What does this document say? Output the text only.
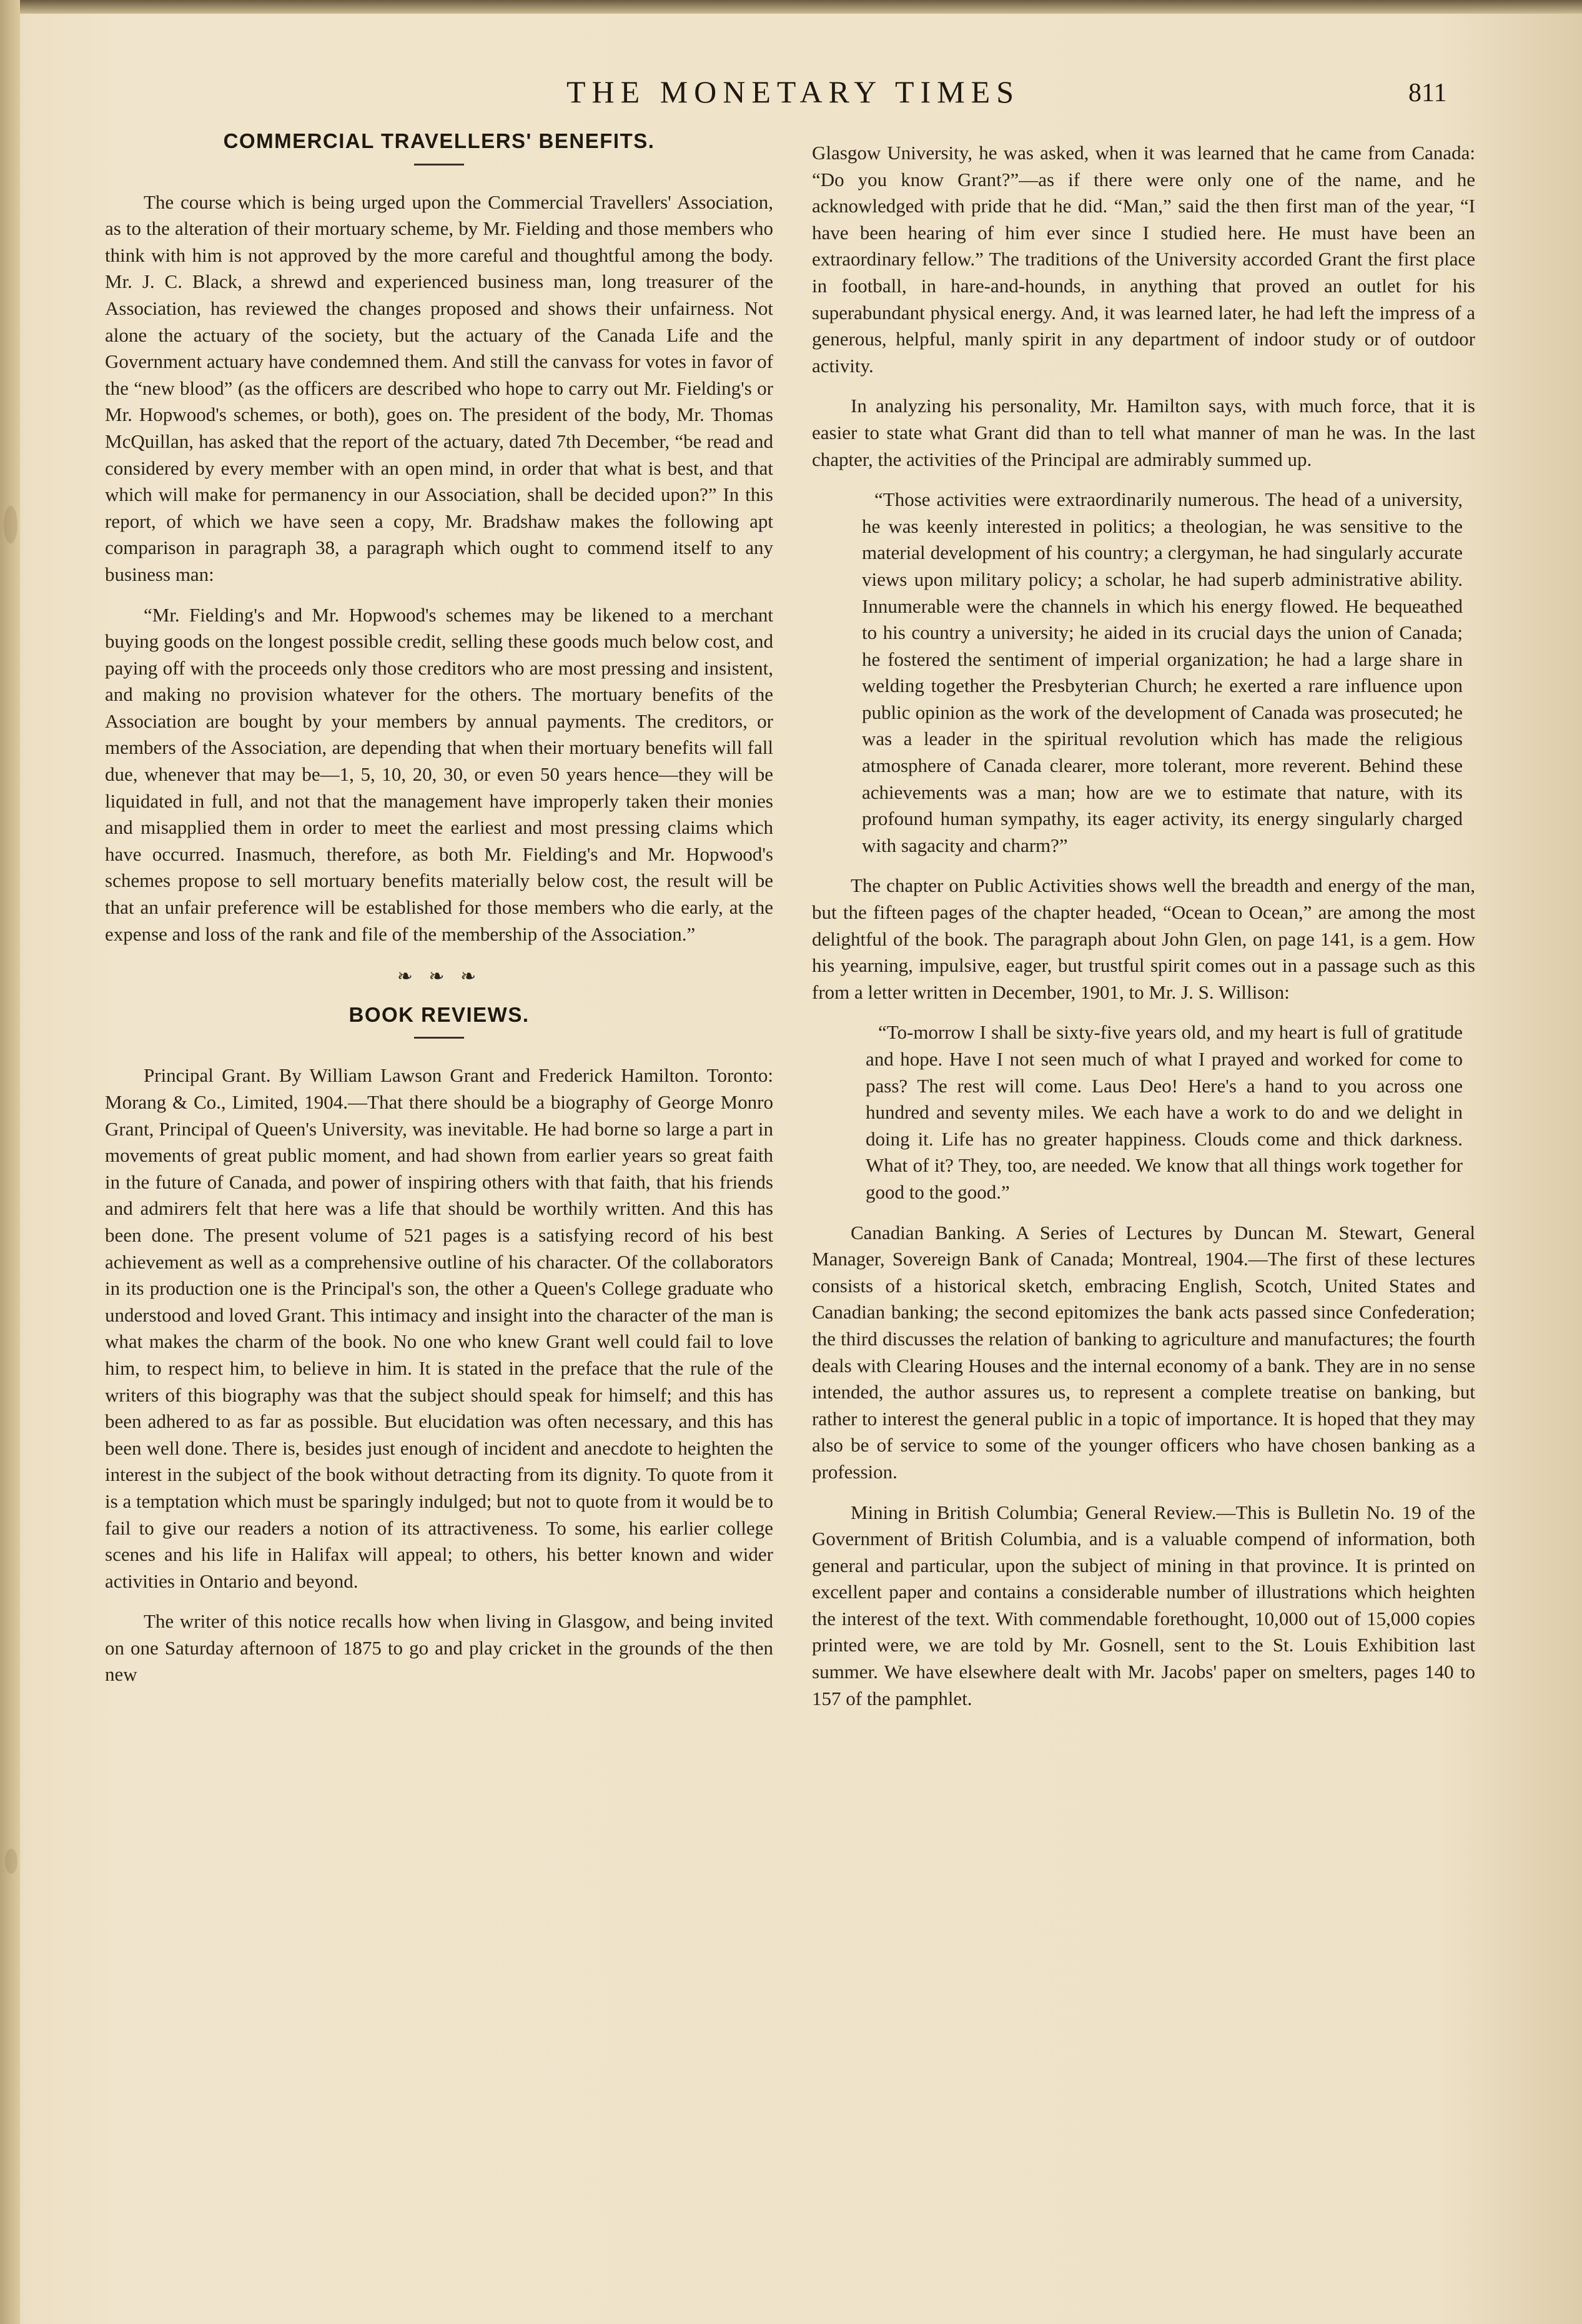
THE MONETARY TIMES	811
COMMERCIAL TRAVELLERS' BENEFITS.

The course which is being urged upon the Commercial Travellers' Association, as to the alteration of their mortuary scheme, by Mr. Fielding and those members who think with him is not approved by the more careful and thoughtful among the body. Mr. J. C. Black, a shrewd and experienced business man, long treasurer of the Association, has reviewed the changes proposed and shows their unfairness. Not alone the actuary of the society, but the actuary of the Canada Life and the Government actuary have condemned them. And still the canvass for votes in favor of the “new blood” (as the officers are described who hope to carry out Mr. Fielding's or Mr. Hopwood's schemes, or both), goes on. The president of the body, Mr. Thomas McQuillan, has asked that the report of the actuary, dated 7th December, “be read and considered by every member with an open mind, in order that what is best, and that which will make for permanency in our Association, shall be decided upon?” In this report, of which we have seen a copy, Mr. Bradshaw makes the following apt comparison in paragraph 38, a paragraph which ought to commend itself to any business man:

“Mr. Fielding's and Mr. Hopwood's schemes may be likened to a merchant buying goods on the longest possible credit, selling these goods much below cost, and paying off with the proceeds only those creditors who are most pressing and insistent, and making no provision whatever for the others. The mortuary benefits of the Association are bought by your members by annual payments. The creditors, or members of the Association, are depending that when their mortuary benefits will fall due, whenever that may be—1, 5, 10, 20, 30, or even 50 years hence—they will be liquidated in full, and not that the management have improperly taken their monies and misapplied them in order to meet the earliest and most pressing claims which have occurred. Inasmuch, therefore, as both Mr. Fielding's and Mr. Hopwood's schemes propose to sell mortuary benefits materially below cost, the result will be that an unfair preference will be established for those members who die early, at the expense and loss of the rank and file of the membership of the Association.”

❧ ❧ ❧
BOOK REVIEWS.

Principal Grant. By William Lawson Grant and Frederick Hamilton. Toronto: Morang & Co., Limited, 1904.—That there should be a biography of George Monro Grant, Principal of Queen's University, was inevitable. He had borne so large a part in movements of great public moment, and had shown from earlier years so great faith in the future of Canada, and power of inspiring others with that faith, that his friends and admirers felt that here was a life that should be worthily written. And this has been done. The present volume of 521 pages is a satisfying record of his best achievement as well as a comprehensive outline of his character. Of the collaborators in its production one is the Principal's son, the other a Queen's College graduate who understood and loved Grant. This intimacy and insight into the character of the man is what makes the charm of the book. No one who knew Grant well could fail to love him, to respect him, to believe in him. It is stated in the preface that the rule of the writers of this biography was that the subject should speak for himself; and this has been adhered to as far as possible. But elucidation was often necessary, and this has been well done. There is, besides just enough of incident and anecdote to heighten the interest in the subject of the book without detracting from its dignity. To quote from it is a temptation which must be sparingly indulged; but not to quote from it would be to fail to give our readers a notion of its attractiveness. To some, his earlier college scenes and his life in Halifax will appeal; to others, his better known and wider activities in Ontario and beyond.

The writer of this notice recalls how when living in Glasgow, and being invited on one Saturday afternoon of 1875 to go and play cricket in the grounds of the then new

Glasgow University, he was asked, when it was learned that he came from Canada: “Do you know Grant?”—as if there were only one of the name, and he acknowledged with pride that he did. “Man,” said the then first man of the year, “I have been hearing of him ever since I studied here. He must have been an extraordinary fellow.” The traditions of the University accorded Grant the first place in football, in hare-and-hounds, in anything that proved an outlet for his superabundant physical energy. And, it was learned later, he had left the impress of a generous, helpful, manly spirit in any department of indoor study or of outdoor activity.

In analyzing his personality, Mr. Hamilton says, with much force, that it is easier to state what Grant did than to tell what manner of man he was. In the last chapter, the activities of the Principal are admirably summed up.

“Those activities were extraordinarily numerous. The head of a university, he was keenly interested in politics; a theologian, he was sensitive to the material development of his country; a clergyman, he had singularly accurate views upon military policy; a scholar, he had superb administrative ability. Innumerable were the channels in which his energy flowed. He bequeathed to his country a university; he aided in its crucial days the union of Canada; he fostered the sentiment of imperial organization; he had a large share in welding together the Presbyterian Church; he exerted a rare influence upon public opinion as the work of the development of Canada was prosecuted; he was a leader in the spiritual revolution which has made the religious atmosphere of Canada clearer, more tolerant, more reverent. Behind these achievements was a man; how are we to estimate that nature, with its profound human sympathy, its eager activity, its energy singularly charged with sagacity and charm?”

The chapter on Public Activities shows well the breadth and energy of the man, but the fifteen pages of the chapter headed, “Ocean to Ocean,” are among the most delightful of the book. The paragraph about John Glen, on page 141, is a gem. How his yearning, impulsive, eager, but trustful spirit comes out in a passage such as this from a letter written in December, 1901, to Mr. J. S. Willison:

“To-morrow I shall be sixty-five years old, and my heart is full of gratitude and hope. Have I not seen much of what I prayed and worked for come to pass? The rest will come. Laus Deo! Here's a hand to you across one hundred and seventy miles. We each have a work to do and we delight in doing it. Life has no greater happiness. Clouds come and thick darkness. What of it? They, too, are needed. We know that all things work together for good to the good.”

Canadian Banking. A Series of Lectures by Duncan M. Stewart, General Manager, Sovereign Bank of Canada; Montreal, 1904.—The first of these lectures consists of a historical sketch, embracing English, Scotch, United States and Canadian banking; the second epitomizes the bank acts passed since Confederation; the third discusses the relation of banking to agriculture and manufactures; the fourth deals with Clearing Houses and the internal economy of a bank. They are in no sense intended, the author assures us, to represent a complete treatise on banking, but rather to interest the general public in a topic of importance. It is hoped that they may also be of service to some of the younger officers who have chosen banking as a profession.

Mining in British Columbia; General Review.—This is Bulletin No. 19 of the Government of British Columbia, and is a valuable compend of information, both general and particular, upon the subject of mining in that province. It is printed on excellent paper and contains a considerable number of illustrations which heighten the interest of the text. With commendable forethought, 10,000 out of 15,000 copies printed were, we are told by Mr. Gosnell, sent to the St. Louis Exhibition last summer. We have elsewhere dealt with Mr. Jacobs' paper on smelters, pages 140 to 157 of the pamphlet.
